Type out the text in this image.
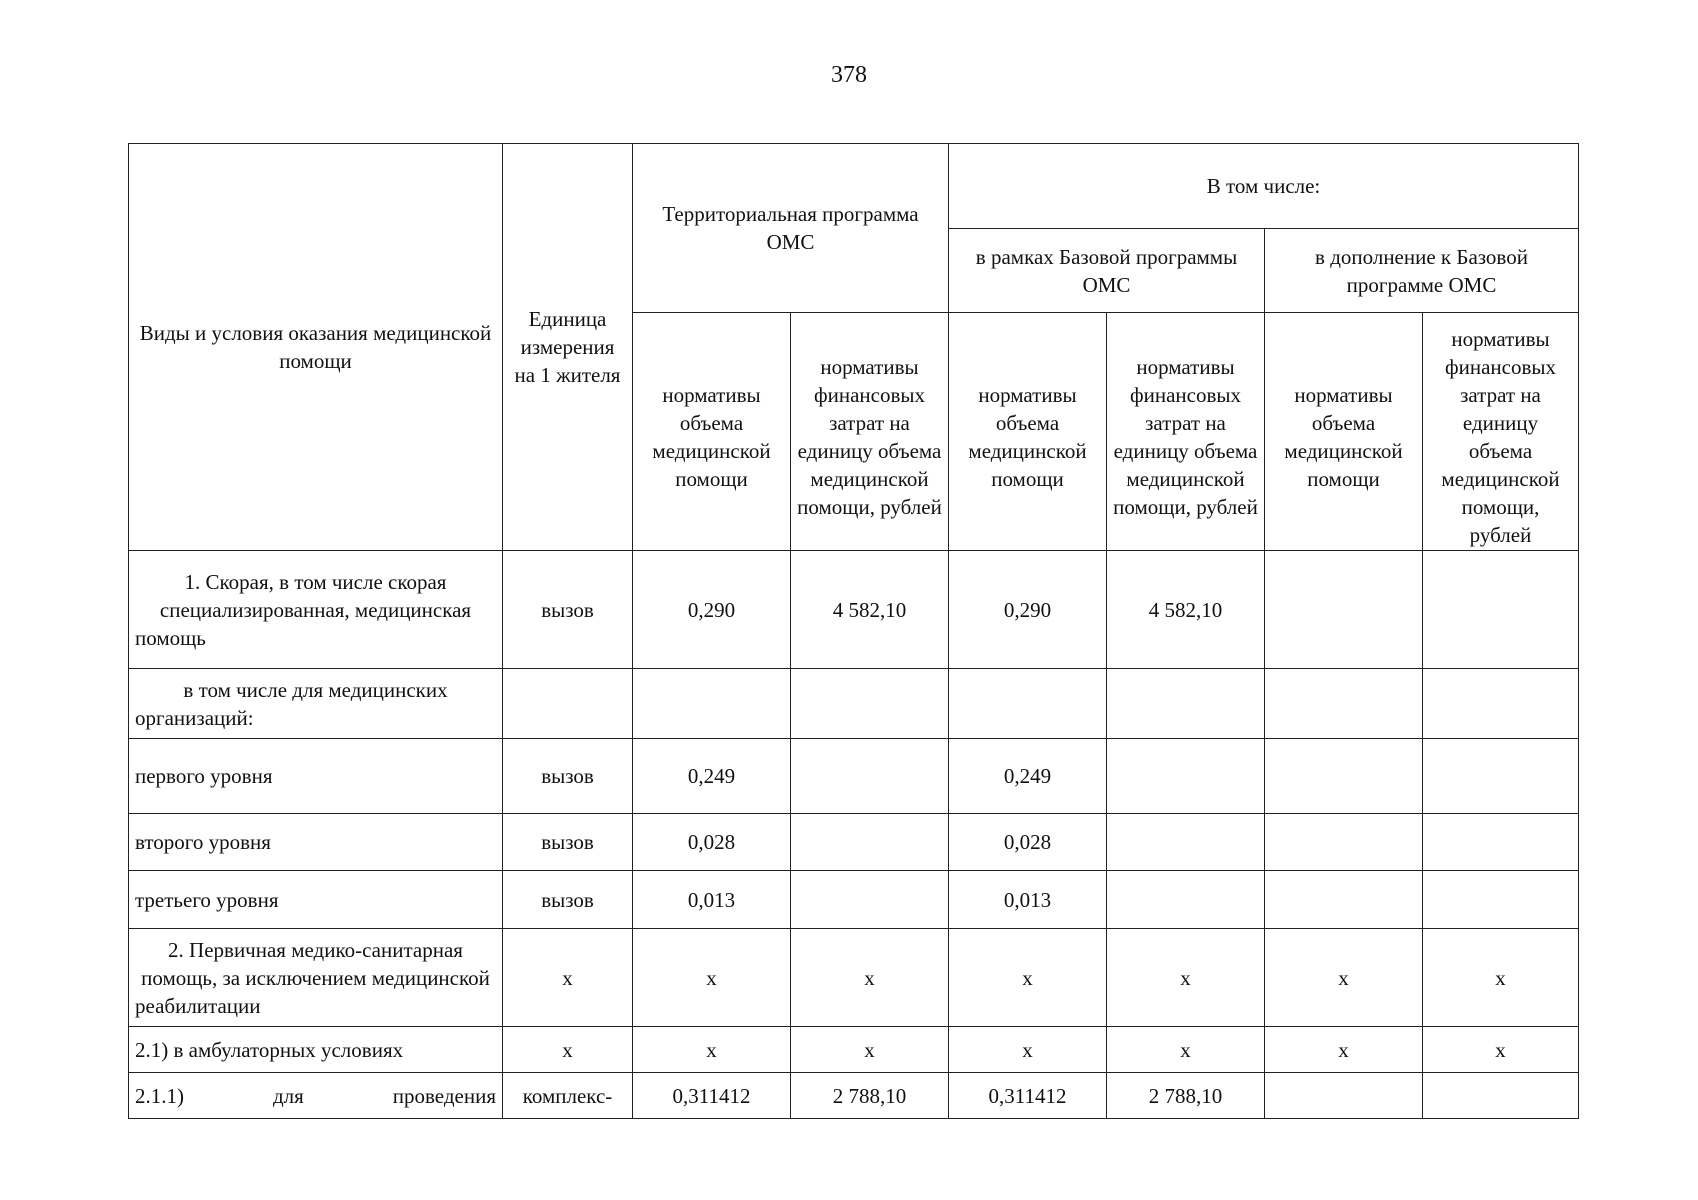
378
Виды и условия оказания медицинской помощи	Единица измерения на 1 жителя	Территориальная программа ОМС		В том числе:			
				в рамках Базовой программы ОМС		в дополнение к Базовой программе ОМС	
		нормативы объема медицинской помощи	нормативы финансовых затрат на единицу объема медицинской помощи, рублей	нормативы объема медицинской помощи	нормативы финансовых затрат на единицу объема медицинской помощи, рублей	нормативы объема медицинской помощи	нормативы финансовых затрат на единицу объема медицинской помощи, рублей
1. Скорая, в том числе скорая специализированная, медицинская помощь	вызов	0,290	4 582,10	0,290	4 582,10		
в том числе для медицинских организаций:							
первого уровня	вызов	0,249		0,249			
второго уровня	вызов	0,028		0,028			
третьего уровня	вызов	0,013		0,013			
2. Первичная медико-санитарная помощь, за исключением медицинской реабилитации	х	х	х	х	х	х	х
2.1) в амбулаторных условиях	х	х	х	х	х	х	х
2.1.1) для проведения	комплекс-	0,311412	2 788,10	0,311412	2 788,10		
